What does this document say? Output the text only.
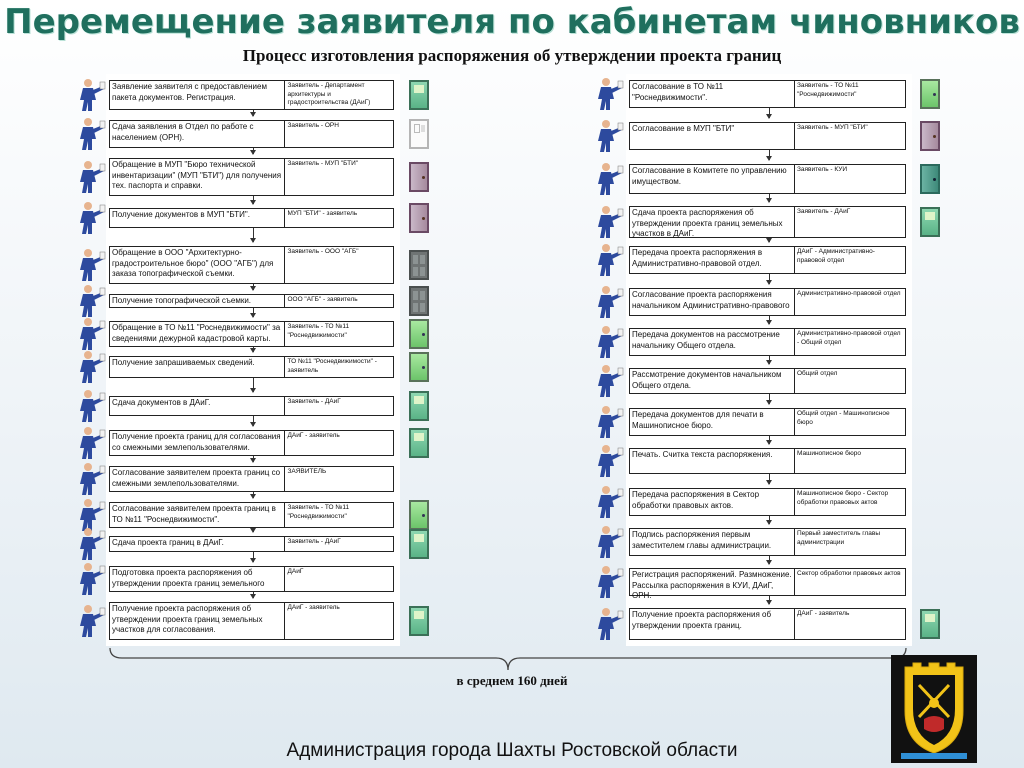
Перемещение заявителя по кабинетам чиновников
Процесс изготовления распоряжения об утверждении проекта границ
Заявление заявителя с предоставлением пакета документов. Регистрация.
Заявитель - Департамент архитектуры и градостроительства (ДАиГ)
Сдача заявления в Отдел по работе с населением (ОРН).
Заявитель - ОРН
Обращение в МУП "Бюро технической инвентаризации" (МУП "БТИ") для получения тех. паспорта и справки.
Заявитель - МУП "БТИ"
Получение документов в МУП "БТИ".	МУП "БТИ" - заявитель
Обращение в ООО "Архитектурно-градостроительное бюро" (ООО "АГБ") для заказа топографической съемки.
Заявитель - ООО "АГБ"
Получение топографической съемки.	ООО "АГБ" - заявитель
Обращение в ТО №11 "Роснедвижимости" за сведениями дежурной кадастровой карты.
Заявитель - ТО №11 "Роснедвижимости"
Получение запрашиваемых сведений.	ТО №11 "Роснедвижимости" - заявитель
Сдача документов в ДАиГ.	Заявитель - ДАиГ
Получение проекта границ для согласования со смежными землепользователями.
ДАиГ - заявитель
Согласование заявителем проекта границ со смежными землепользователями.
ЗАЯВИТЕЛЬ
Согласование заявителем проекта границ в ТО №11 "Роснедвижимости".
Заявитель - ТО №11 "Роснедвижимости"
Сдача проекта границ в ДАиГ.	Заявитель - ДАиГ
Подготовка проекта распоряжения об утверждении проекта границ земельного
ДАиГ
Получение проекта распоряжения об утверждении проекта границ земельных участков для согласования.
ДАиГ - заявитель
Согласование в ТО №11 "Роснедвижимости".
Заявитель - ТО №11 "Роснедвижимости"
Согласование в МУП "БТИ"	Заявитель - МУП "БТИ"
Согласование в Комитете по управлению имуществом.
Заявитель - КУИ
Сдача проекта распоряжения об утверждении проекта границ земельных участков в ДАиГ.
Заявитель - ДАиГ
Передача проекта распоряжения в Административно-правовой отдел.
ДАиГ - Административно-правовой отдел
Согласование проекта распоряжения начальником Административно-правового
Административно-правовой отдел
Передача документов на рассмотрение начальнику Общего отдела.
Административно-правовой отдел - Общий отдел
Рассмотрение документов начальником Общего отдела.
Общий отдел
Передача документов для печати в Машинописное бюро.
Общий отдел - Машинописное бюро
Печать. Считка текста распоряжения.	Машинописное бюро
Передача распоряжения в Сектор обработки правовых актов.
Машинописное бюро - Сектор обработки правовых актов
Подпись распоряжения первым заместителем главы администрации.
Первый заместитель главы администрации
Регистрация распоряжений. Размножение. Рассылка распоряжения в КУИ, ДАиГ, ОРН.
Сектор обработки правовых актов
Получение проекта распоряжения об утверждении проекта границ.
ДАиГ - заявитель
в среднем 160 дней
Администрация города Шахты Ростовской области
